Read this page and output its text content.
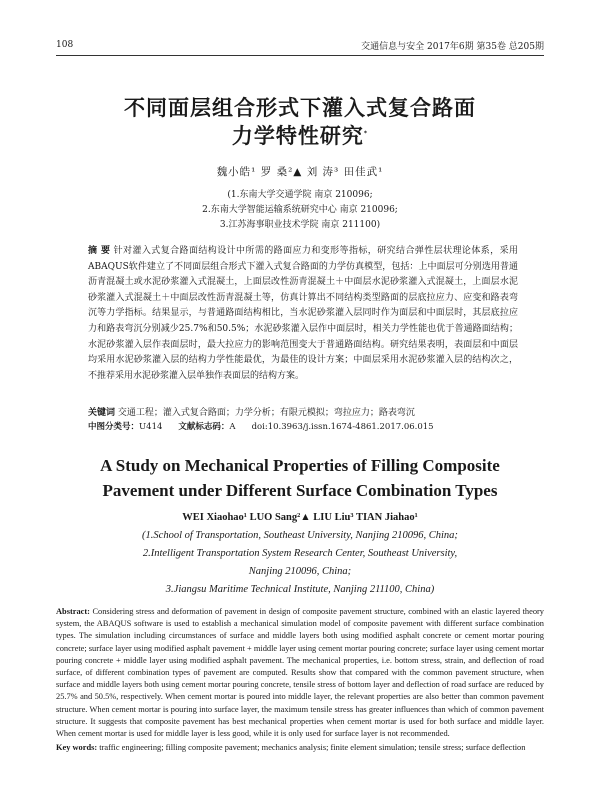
108	交通信息与安全 2017年6期 第35卷 总205期
不同面层组合形式下灌入式复合路面
力学特性研究*
魏小皓¹ 罗 桑²▲ 刘 涛³ 田佳武¹
(1.东南大学交通学院 南京 210096;
2.东南大学智能运输系统研究中心 南京 210096;
3.江苏海事职业技术学院 南京 211100)
摘 要 针对灌入式复合路面结构设计中所需的路面应力和变形等指标，研究结合弹性层状理论体系，采用ABAQUS软件建立了不同面层组合形式下灌入式复合路面的力学仿真模型，包括：上中面层可分别选用普通沥青混凝土或水泥砂浆灌入式混凝土，上面层改性沥青混凝土＋中面层水泥砂浆灌入式混凝土，上面层水泥砂浆灌入式混凝土＋中面层改性沥青混凝土等，仿真计算出不同结构类型路面的层底拉应力、应变和路表弯沉等力学指标。结果显示，与普通路面结构相比，当水泥砂浆灌入层同时作为面层和中面层时，其层底拉应力和路表弯沉分别减少25.7%和50.5%；水泥砂浆灌入层作中面层时，相关力学性能也优于普通路面结构；水泥砂浆灌入层作表面层时，最大拉应力的影响范围变大于普通路面结构。研究结果表明，表面层和中面层均采用水泥砂浆灌入层的结构力学性能最优，为最佳的设计方案；中面层采用水泥砂浆灌入层的结构次之，不推荐采用水泥砂浆灌入层单独作表面层的结构方案。
关键词 交通工程；灌入式复合路面；力学分析；有限元模拟；弯拉应力；路表弯沉
中图分类号：U414 文献标志码：A doi:10.3963/j.issn.1674-4861.2017.06.015
A Study on Mechanical Properties of Filling Composite
Pavement under Different Surface Combination Types
WEI Xiaohao¹ LUO Sang²▲ LIU Liu³ TIAN Jiahao¹
(1.School of Transportation, Southeast University, Nanjing 210096, China;
2.Intelligent Transportation System Research Center, Southeast University,
Nanjing 210096, China;
3.Jiangsu Maritime Technical Institute, Nanjing 211100, China)
Abstract: Considering stress and deformation of pavement in design of composite pavement structure, combined with an elastic layered theory system, the ABAQUS software is used to establish a mechanical simulation model of composite pavement with different surface combination types. The simulation including circumstances of surface and middle layers both using modified asphalt concrete or cement mortar pouring concrete; surface layer using modified asphalt pavement + middle layer using cement mortar pouring concrete; surface layer using cement mortar pouring concrete + middle layer using modified asphalt pavement. The mechanical properties, i.e. bottom stress, strain, and deflection of road surface, of different combination types of pavement are computed. Results show that compared with the common pavement structure, when surface and middle layers both using cement mortar pouring concrete, tensile stress of bottom layer and deflection of road surface are reduced by 25.7% and 50.5%, respectively. When cement mortar is poured into middle layer, the relevant properties are also better than common pavement structure. When cement mortar is pouring into surface layer, the maximum tensile stress has greater influences than which of common pavement structure. It suggests that composite pavement has best mechanical properties when cement mortar is used for both surface and middle layer. When cement mortar is used for middle layer is less good, while it is only used for surface layer is not recommended.
Key words: traffic engineering; filling composite pavement; mechanics analysis; finite element simulation; tensile stress; surface deflection
